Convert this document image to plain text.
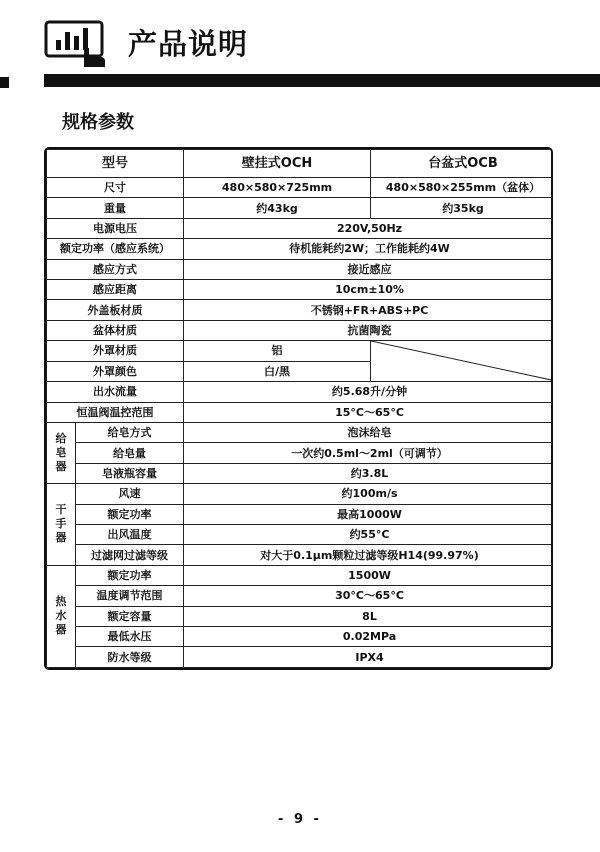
产品说明
规格参数
型号		壁挂式OCH	台盆式OCB
尺寸		480×580×725mm	480×580×255mm（盆体）
重量		约43kg	约35kg
电源电压		220V,50Hz	
额定功率（感应系统）		待机能耗约2W；工作能耗约4W	
感应方式		接近感应	
感应距离		10cm±10%	
外盖板材质		不锈钢+FR+ABS+PC	
盆体材质		抗菌陶瓷	
外罩材质		铝	

外罩颜色		白/黑	
出水流量		约5.68升/分钟	
恒温阀温控范围		15°C～65°C	
给皂器	给皂方式	泡沫给皂	
	给皂量	一次约0.5ml～2ml（可调节）	
	皂液瓶容量	约3.8L	
干手器	风速	约100m/s	
	额定功率	最高1000W	
	出风温度	约55°C	
	过滤网过滤等级	对大于0.1μm颗粒过滤等级H14(99.97%)	
热水器	额定功率	1500W	
	温度调节范围	30°C～65°C	
	额定容量	8L	
	最低水压	0.02MPa	
	防水等级	IPX4	
- 9 -
